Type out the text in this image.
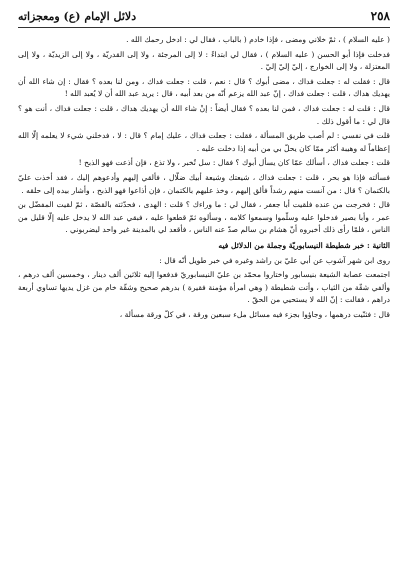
٢٥٨
دلائل الإمام (ع) ومعجزاته

( عليه السلام ) ، ثمّ خلاني ومضى ، فإذا خادم ( بالباب ، فقال لي : ادخل رحمك الله .

فدخلت فإذا أبو الحسن ( عليه السلام ) ، فقال لي ابتداءً : لا إلى المرجئة ، ولا إلى القدريّة ، ولا إلى الزيديّة ، ولا إلى المعتزلة ، ولا إلى الخوارج ، إليّ إليّ إليّ .

قال : فقلت له : جعلت فداك ، مضى أبوك ؟ قال : نعم ، قلت : جعلت فداك ، ومن لنا بعده ؟ فقال : إن شاء الله أن يهديك هداك ، قلت : جعلت فداك ، إنّ عبد الله يزعم أنّه من بعد أبيه ، قال : يريد عبد الله أن لا يُعبد الله !

قال : قلت له : جعلت فداك ، فمن لنا بعده ؟ فقال أيضاً : إنْ شاء الله أن يهديك هداك ، قلت : جعلت فداك ، أنت هو ؟ قال لي : ما أقول ذلك .

قلت في نفسي : لم أصب طريق المسألة ، فقلت : جعلت فداك ، عليك إمام ؟ قال : لا ، فدخلني شيء لا يعلمه إلّا الله إعظاماً له وهيبة أكثر ممّا كان يحلّ بي من أبيه إذا دخلت عليه .

قلت : جعلت فداك ، أسألك عمّا كان يسأل أبوك ؟ فقال : سل تُخبر ، ولا تذع ، فإن أذعت فهو الذبح !

فسألته فإذا هو بحر ، قلت : جعلت فداك ، شيعتك وشيعة أبيك ضلّال ، فألقي إليهم وأدعوهم إليك ، فقد أخذت عليّ بالكتمان ؟ قال : من آنست منهم رشداً فألق إليهم ، وخذ عليهم بالكتمان ، فإن أذاعوا فهو الذبح ، وأشار بيده إلى حلقه .

قال : فخرجت من عنده فلقيت أبا جعفر ، فقال لي : ما وراءك ؟ قلت : الهدى ، فحدّثته بالقصّة ، ثمّ لقيت المفضّل بن عمر ، وأبا بصير فدخلوا عليه وسلّموا وسمعوا كلامه ، وسألوه ثمّ قطعوا عليه ، فبقي عبد الله لا يدخل عليه إلّا قليل من الناس ، فلمّا رأى ذلك أخبروه أنّ هشام بن سالم صدّ عنه الناس ، فأقعد لي بالمدينة غير واحد ليضربوني .

الثانية : خبر شطيطة النيسابوريّة وجملة من الدلائل فيه

روى ابن شهر آشوب عن أبي عليّ بن راشد وغيره في خبر طويل أنّه قال :

اجتمعت عصابة الشيعة بنيسابور واختاروا محمّد بن عليّ النيسابوريّ فدفعوا إليه ثلاثين ألف دينار ، وخمسين ألف درهم ، وألفي شقّة من الثياب ، وأتت شطيطة ( وهي امرأة مؤمنة فقيرة ) بدرهم صحيح وشقّة خام من غزل يديها تساوي أربعة دراهم ، فقالت : إنّ الله لا يستحيي من الحقّ .

قال : فثنّيت درهمها ، وجاؤوا بجزء فيه مسائل ملء سبعين ورقة ، في كلّ ورقة مسألة ،
